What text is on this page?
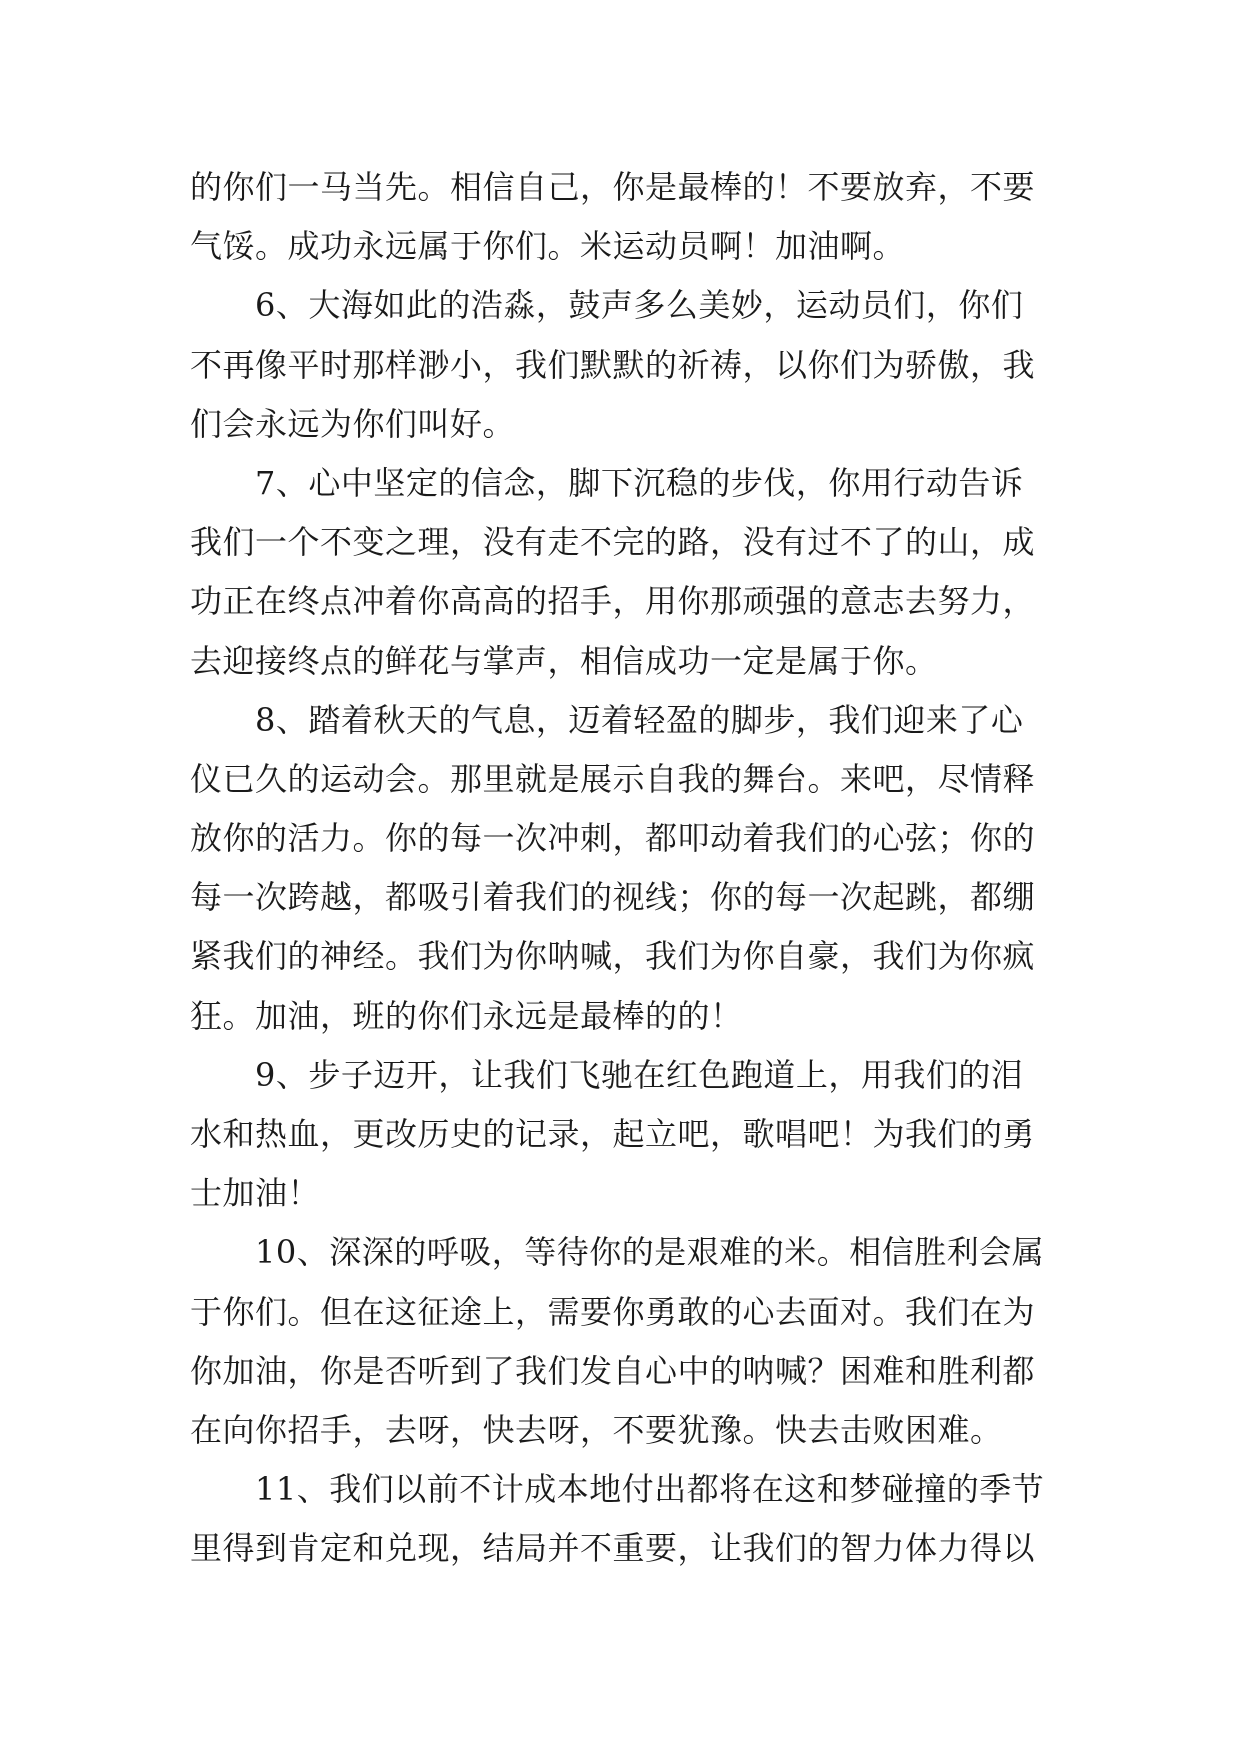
的你们一马当先。相信自己，你是最棒的！不要放弃，不要
气馁。成功永远属于你们。米运动员啊！加油啊。
　　6、大海如此的浩淼，鼓声多么美妙，运动员们，你们
不再像平时那样渺小，我们默默的祈祷，以你们为骄傲，我
们会永远为你们叫好。
　　7、心中坚定的信念，脚下沉稳的步伐，你用行动告诉
我们一个不变之理，没有走不完的路，没有过不了的山，成
功正在终点冲着你高高的招手，用你那顽强的意志去努力，
去迎接终点的鲜花与掌声，相信成功一定是属于你。
　　8、踏着秋天的气息，迈着轻盈的脚步，我们迎来了心
仪已久的运动会。那里就是展示自我的舞台。来吧，尽情释
放你的活力。你的每一次冲刺，都叩动着我们的心弦；你的
每一次跨越，都吸引着我们的视线；你的每一次起跳，都绷
紧我们的神经。我们为你呐喊，我们为你自豪，我们为你疯
狂。加油，班的你们永远是最棒的的！
　　9、步子迈开，让我们飞驰在红色跑道上，用我们的泪
水和热血，更改历史的记录，起立吧，歌唱吧！为我们的勇
士加油！
　　10、深深的呼吸，等待你的是艰难的米。相信胜利会属
于你们。但在这征途上，需要你勇敢的心去面对。我们在为
你加油，你是否听到了我们发自心中的呐喊？困难和胜利都
在向你招手，去呀，快去呀，不要犹豫。快去击败困难。
　　11、我们以前不计成本地付出都将在这和梦碰撞的季节
里得到肯定和兑现，结局并不重要，让我们的智力体力得以
